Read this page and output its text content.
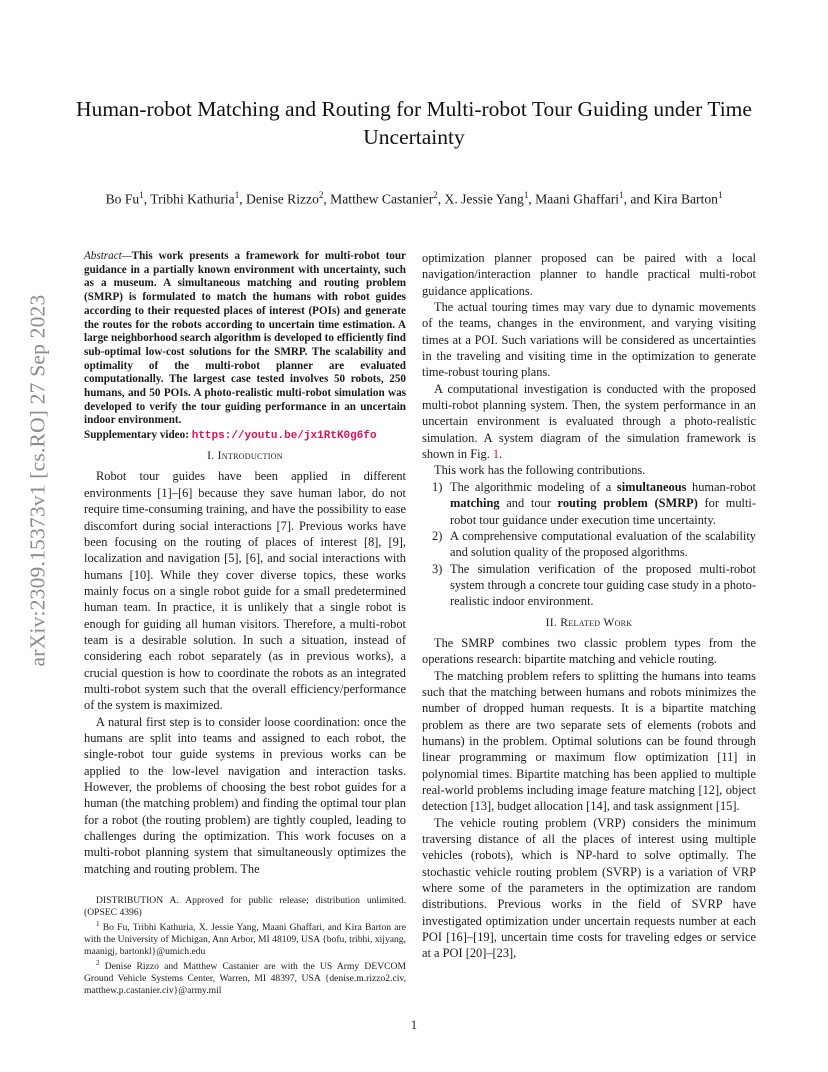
arXiv:2309.15373v1 [cs.RO] 27 Sep 2023
Human-robot Matching and Routing for Multi-robot Tour Guiding under Time Uncertainty
Bo Fu$^1$, Tribhi Kathuria$^1$, Denise Rizzo$^2$, Matthew Castanier$^2$, X. Jessie Yang$^1$, Maani Ghaffari$^1$, and Kira Barton$^1$

Abstract—This work presents a framework for multi-robot tour guidance in a partially known environment with uncertainty, such as a museum. A simultaneous matching and routing problem (SMRP) is formulated to match the humans with robot guides according to their requested places of interest (POIs) and generate the routes for the robots according to uncertain time estimation. A large neighborhood search algorithm is developed to efficiently find sub-optimal low-cost solutions for the SMRP. The scalability and optimality of the multi-robot planner are evaluated computationally. The largest case tested involves 50 robots, 250 humans, and 50 POIs. A photo-realistic multi-robot simulation was developed to verify the tour guiding performance in an uncertain indoor environment.

Supplementary video: https://youtu.be/jx1RtK0g6fo

I. Introduction

Robot tour guides have been applied in different environments [1]–[6] because they save human labor, do not require time-consuming training, and have the possibility to ease discomfort during social interactions [7]. Previous works have been focusing on the routing of places of interest [8], [9], localization and navigation [5], [6], and social interactions with humans [10]. While they cover diverse topics, these works mainly focus on a single robot guide for a small predetermined human team. In practice, it is unlikely that a single robot is enough for guiding all human visitors. Therefore, a multi-robot team is a desirable solution. In such a situation, instead of considering each robot separately (as in previous works), a crucial question is how to coordinate the robots as an integrated multi-robot system such that the overall efficiency/performance of the system is maximized.

A natural first step is to consider loose coordination: once the humans are split into teams and assigned to each robot, the single-robot tour guide systems in previous works can be applied to the low-level navigation and interaction tasks. However, the problems of choosing the best robot guides for a human (the matching problem) and finding the optimal tour plan for a robot (the routing problem) are tightly coupled, leading to challenges during the optimization. This work focuses on a multi-robot planning system that simultaneously optimizes the matching and routing problem. The

DISTRIBUTION A. Approved for public release; distribution unlimited. (OPSEC 4396)

$^1$ Bo Fu, Tribhi Kathuria, X. Jessie Yang, Maani Ghaffari, and Kira Barton are with the University of Michigan, Ann Arbor, MI 48109, USA {bofu, tribhi, xijyang, maanigj, bartonkl}@umich.edu

$^2$ Denise Rizzo and Matthew Castanier are with the US Army DEVCOM Ground Vehicle Systems Center, Warren, MI 48397, USA {denise.m.rizzo2.civ, matthew.p.castanier.civ}@army.mil

optimization planner proposed can be paired with a local navigation/interaction planner to handle practical multi-robot guidance applications.

The actual touring times may vary due to dynamic movements of the teams, changes in the environment, and varying visiting times at a POI. Such variations will be considered as uncertainties in the traveling and visiting time in the optimization to generate time-robust touring plans.

A computational investigation is conducted with the proposed multi-robot planning system. Then, the system performance in an uncertain environment is evaluated through a photo-realistic simulation. A system diagram of the simulation framework is shown in Fig. 1.

This work has the following contributions.

1) The algorithmic modeling of a simultaneous human-robot matching and tour routing problem (SMRP) for multi-robot tour guidance under execution time uncertainty.
2) A comprehensive computational evaluation of the scalability and solution quality of the proposed algorithms.
3) The simulation verification of the proposed multi-robot system through a concrete tour guiding case study in a photo-realistic indoor environment.
II. Related Work

The SMRP combines two classic problem types from the operations research: bipartite matching and vehicle routing.

The matching problem refers to splitting the humans into teams such that the matching between humans and robots minimizes the number of dropped human requests. It is a bipartite matching problem as there are two separate sets of elements (robots and humans) in the problem. Optimal solutions can be found through linear programming or maximum flow optimization [11] in polynomial times. Bipartite matching has been applied to multiple real-world problems including image feature matching [12], object detection [13], budget allocation [14], and task assignment [15].

The vehicle routing problem (VRP) considers the minimum traversing distance of all the places of interest using multiple vehicles (robots), which is NP-hard to solve optimally. The stochastic vehicle routing problem (SVRP) is a variation of VRP where some of the parameters in the optimization are random distributions. Previous works in the field of SVRP have investigated optimization under uncertain requests number at each POI [16]–[19], uncertain time costs for traveling edges or service at a POI [20]–[23],

1
